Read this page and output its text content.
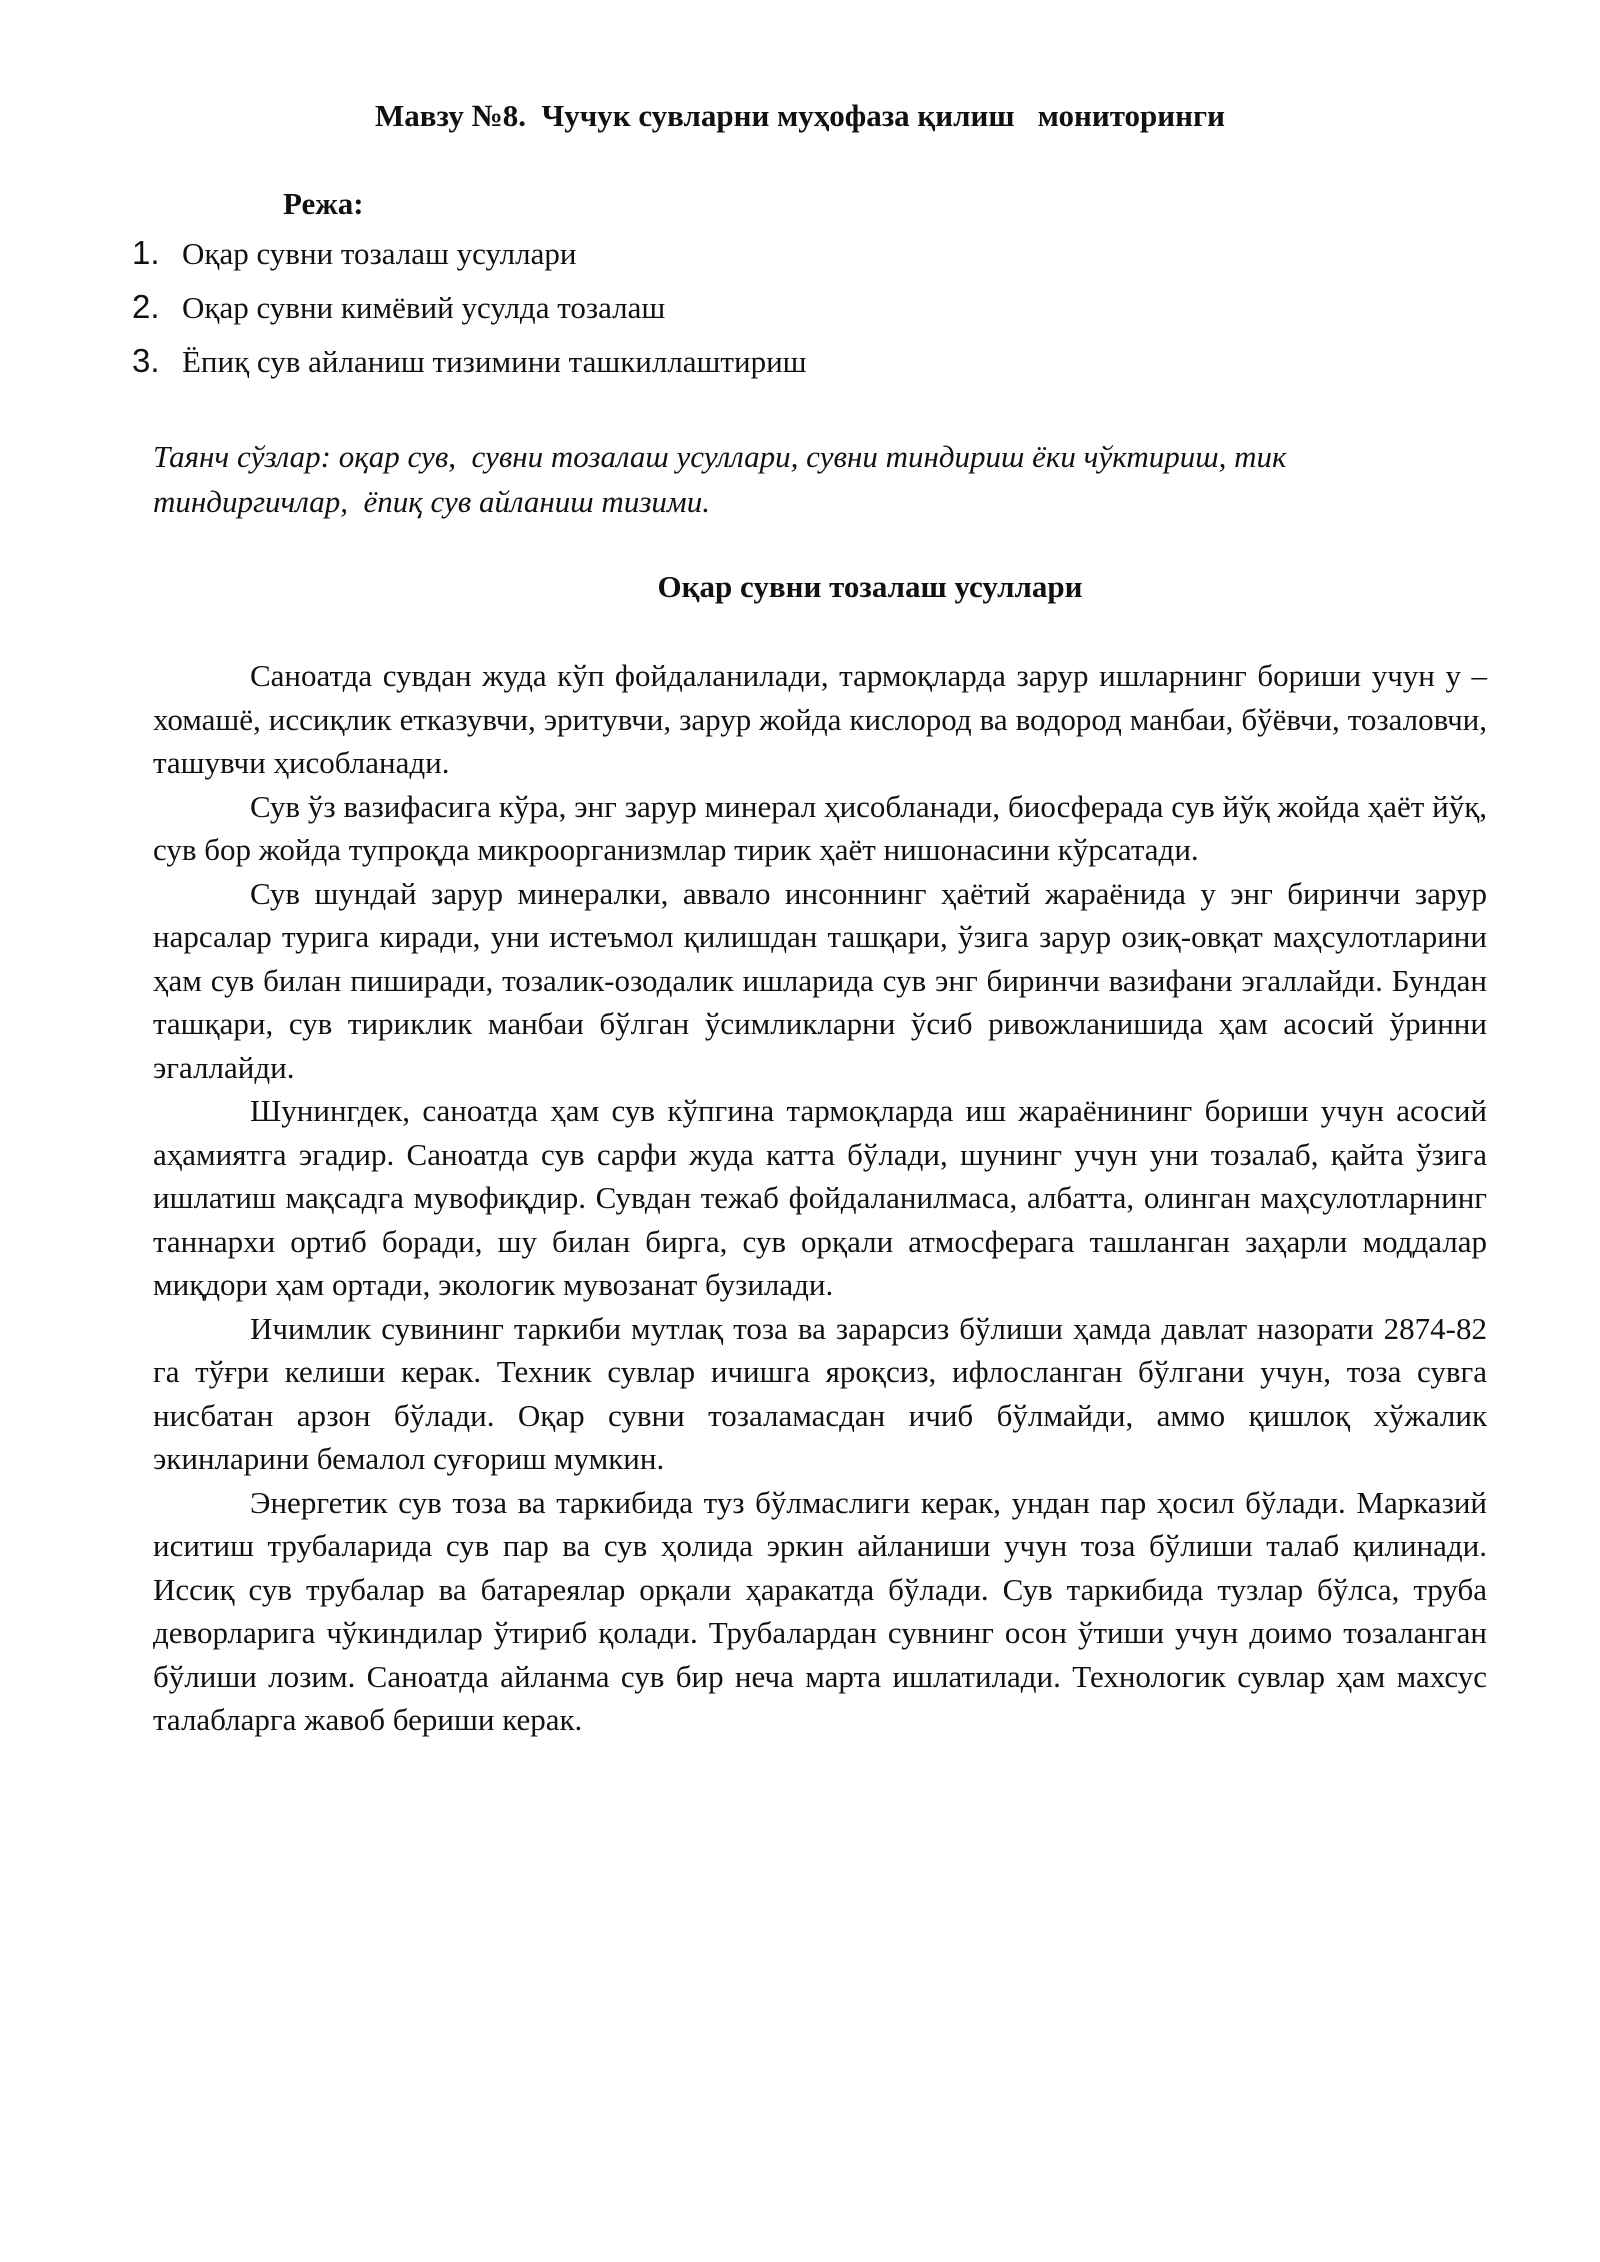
Мавзу №8.  Чучук сувларни муҳофаза қилиш   мониторинги
Режа:
1. Оқар сувни тозалаш усуллари
2. Оқар сувни кимёвий усулда тозалаш
3. Ёпиқ сув айланиш тизимини ташкиллаштириш
Таянч сўзлар: оқар сув,  сувни тозалаш усуллари, сувни тиндириш ёки чўктириш, тик тиндиргичлар,  ёпиқ сув айланиш тизими.
Оқар сувни тозалаш усуллари

Саноатда сувдан жуда кўп фойдаланилади, тармоқларда зарур ишларнинг бориши учун у – хомашё, иссиқлик етказувчи, эритувчи, зарур жойда кислород ва водород манбаи, бўёвчи, тозаловчи, ташувчи ҳисобланади.

Сув ўз вазифасига кўра, энг зарур минерал ҳисобланади, биосферада сув йўқ жойда ҳаёт йўқ, сув бор жойда тупроқда микроорганизмлар тирик ҳаёт нишонасини кўрсатади.

Сув шундай зарур минералки, аввало инсоннинг ҳаётий жараёнида у энг биринчи зарур нарсалар турига киради, уни истеъмол қилишдан ташқари, ўзига зарур озиқ-овқат маҳсулотларини ҳам сув билан пиширади, тозалик-озодалик ишларида сув энг биринчи вазифани эгаллайди. Бундан ташқари, сув тириклик манбаи бўлган ўсимликларни ўсиб ривожланишида ҳам асосий ўринни эгаллайди.

Шунингдек, саноатда ҳам сув кўпгина тармоқларда иш жараёнининг бориши учун асосий аҳамиятга эгадир. Саноатда сув сарфи жуда катта бўлади, шунинг учун уни тозалаб, қайта ўзига ишлатиш мақсадга мувофиқдир. Сувдан тежаб фойдаланилмаса, албатта, олинган маҳсулотларнинг таннархи ортиб боради, шу билан бирга, сув орқали атмосферага ташланган заҳарли моддалар миқдори ҳам ортади, экологик мувозанат бузилади.

Ичимлик сувининг таркиби мутлақ тоза ва зарарсиз бўлиши ҳамда давлат назорати 2874-82 га тўғри келиши керак. Техник сувлар ичишга яроқсиз, ифлосланган бўлгани учун, тоза сувга нисбатан арзон бўлади. Оқар сувни тозаламасдан ичиб бўлмайди, аммо қишлоқ хўжалик экинларини бемалол суғориш мумкин.

Энергетик сув тоза ва таркибида туз бўлмаслиги керак, ундан пар ҳосил бўлади. Марказий иситиш трубаларида сув пар ва сув ҳолида эркин айланиши учун тоза бўлиши талаб қилинади. Иссиқ сув трубалар ва батареялар орқали ҳаракатда бўлади. Сув таркибида тузлар бўлса, труба деворларига чўкиндилар ўтириб қолади. Трубалардан сувнинг осон ўтиши учун доимо тозаланган бўлиши лозим. Саноатда айланма сув бир неча марта ишлатилади. Технологик сувлар ҳам махсус талабларга жавоб бериши керак.
